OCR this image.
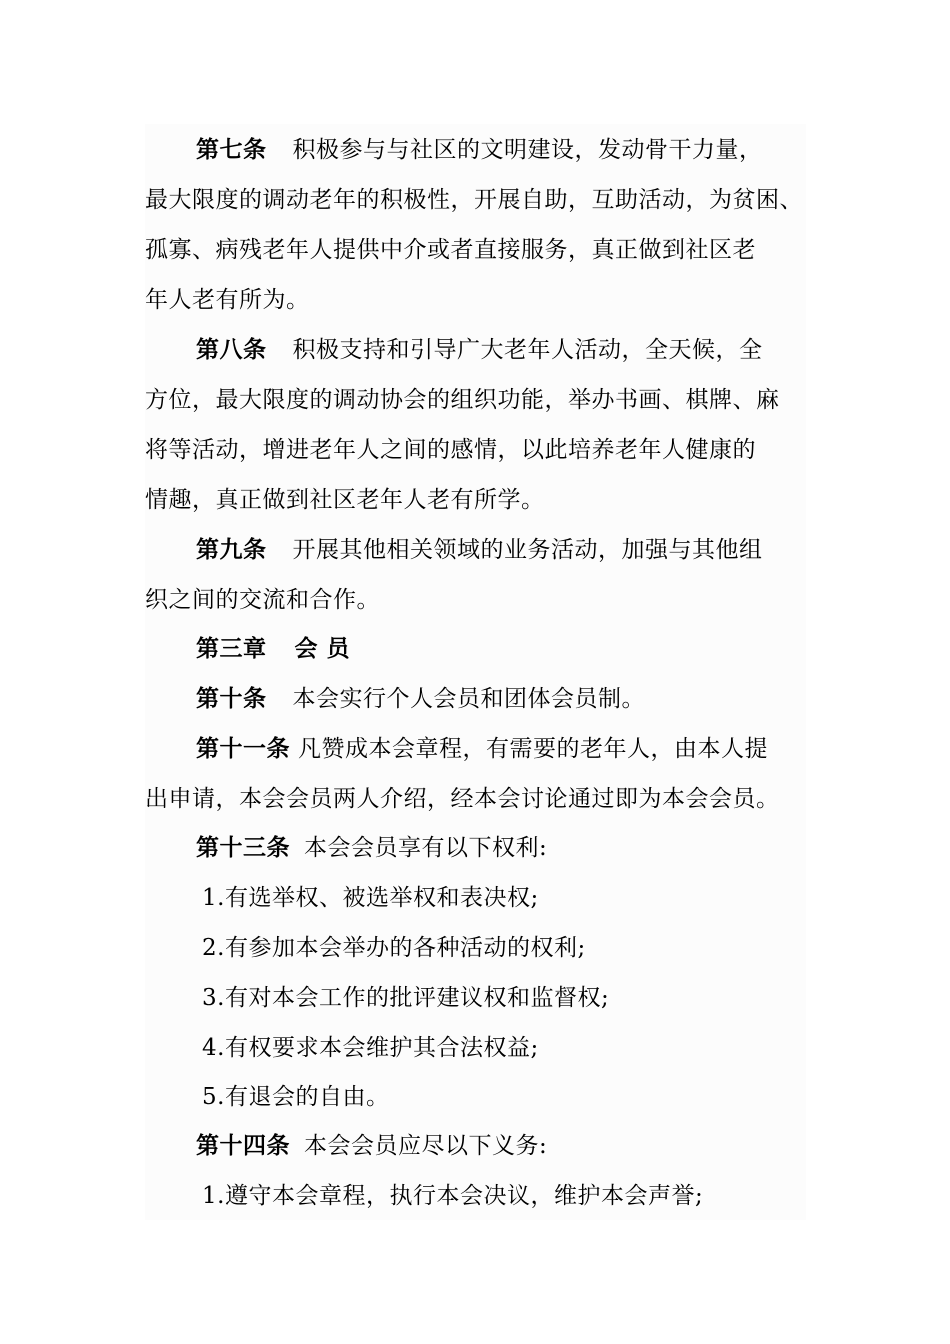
第七条 积极参与与社区的文明建设，发动骨干力量，
最大限度的调动老年的积极性，开展自助，互助活动，为贫困、
孤寡、病残老年人提供中介或者直接服务，真正做到社区老
年人老有所为。
第八条 积极支持和引导广大老年人活动，全天候，全
方位，最大限度的调动协会的组织功能，举办书画、棋牌、麻
将等活动，增进老年人之间的感情，以此培养老年人健康的
情趣，真正做到社区老年人老有所学。
第九条 开展其他相关领域的业务活动，加强与其他组
织之间的交流和合作。
第三章 会 员
第十条 本会实行个人会员和团体会员制。
第十一条 凡赞成本会章程，有需要的老年人，由本人提
出申请，本会会员两人介绍，经本会讨论通过即为本会会员。
第十三条 本会会员享有以下权利:
1.有选举权、被选举权和表决权;
2.有参加本会举办的各种活动的权利;
3.有对本会工作的批评建议权和监督权;
4.有权要求本会维护其合法权益;
5.有退会的自由。
第十四条 本会会员应尽以下义务:
1.遵守本会章程，执行本会决议，维护本会声誉;
